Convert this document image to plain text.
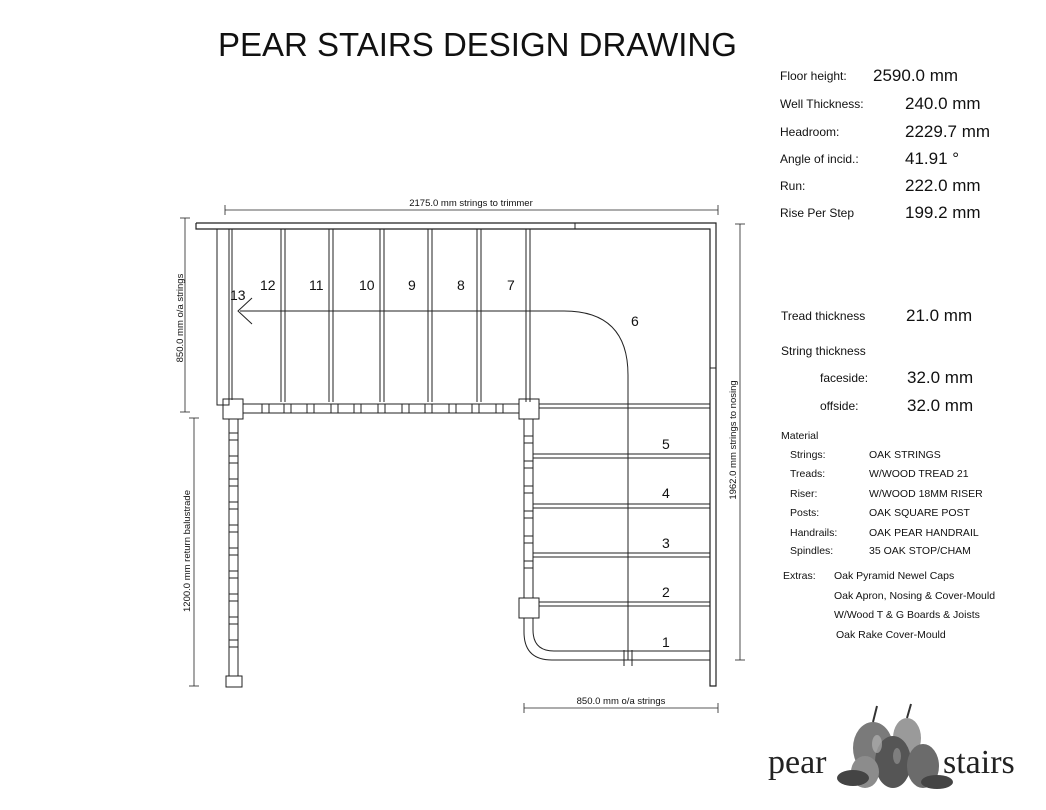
PEAR STAIRS DESIGN DRAWING
Floor height: 2590.0 mm
Well Thickness: 240.0 mm
Headroom:	2229.7 mm
Angle of incid.:	41.91 °
Run:	222.0 mm
Rise Per Step	199.2 mm
Tread thickness 21.0 mm
String thickness
faceside: 32.0 mm
offside:	32.0 mm
Material
Strings:	OAK STRINGS
Treads:	W/WOOD TREAD 21
Riser:	W/WOOD 18MM RISER
Posts:	OAK SQUARE POST
Handrails:	OAK PEAR HANDRAIL
Spindles:	35 OAK STOP/CHAM
Extras: Oak Pyramid Newel Caps
Oak Apron, Nosing & Cover-Mould
W/Wood T & G Boards & Joists
Oak Rake Cover-Mould
2175.0 mm strings to trimmer
850.0 mm o/a strings
1200.0 mm return balustrade
1962.0 mm strings to nosing
850.0 mm o/a strings
1
2
3
4
5
6
7
8
9
10
11
12
13
pear	stairs
